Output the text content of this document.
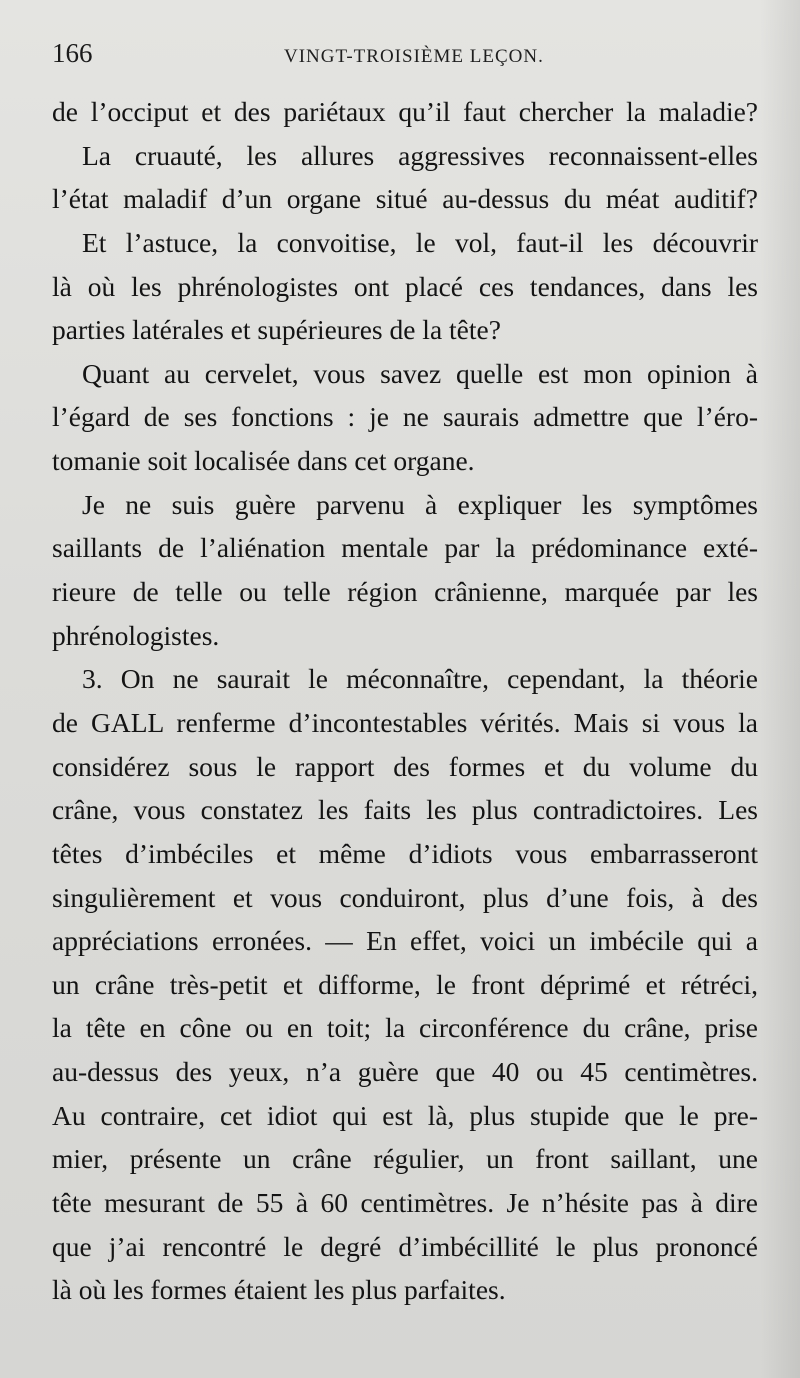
166	VINGT-TROISIÈME LEÇON.
de l’occiput et des pariétaux qu’il faut chercher la maladie?
La cruauté, les allures aggressives reconnaissent-elles
l’état maladif d’un organe situé au-dessus du méat auditif?
Et l’astuce, la convoitise, le vol, faut-il les découvrir
là où les phrénologistes ont placé ces tendances, dans les
parties latérales et supérieures de la tête?
Quant au cervelet, vous savez quelle est mon opinion à
l’égard de ses fonctions : je ne saurais admettre que l’éro-
tomanie soit localisée dans cet organe.
Je ne suis guère parvenu à expliquer les symptômes
saillants de l’aliénation mentale par la prédominance exté-
rieure de telle ou telle région crânienne, marquée par les
phrénologistes.
3. On ne saurait le méconnaître, cependant, la théorie
de GALL renferme d’incontestables vérités. Mais si vous la
considérez sous le rapport des formes et du volume du
crâne, vous constatez les faits les plus contradictoires. Les
têtes d’imbéciles et même d’idiots vous embarrasseront
singulièrement et vous conduiront, plus d’une fois, à des
appréciations erronées. — En effet, voici un imbécile qui a
un crâne très-petit et difforme, le front déprimé et rétréci,
la tête en cône ou en toit; la circonférence du crâne, prise
au-dessus des yeux, n’a guère que 40 ou 45 centimètres.
Au contraire, cet idiot qui est là, plus stupide que le pre-
mier, présente un crâne régulier, un front saillant, une
tête mesurant de 55 à 60 centimètres. Je n’hésite pas à dire
que j’ai rencontré le degré d’imbécillité le plus prononcé
là où les formes étaient les plus parfaites.
